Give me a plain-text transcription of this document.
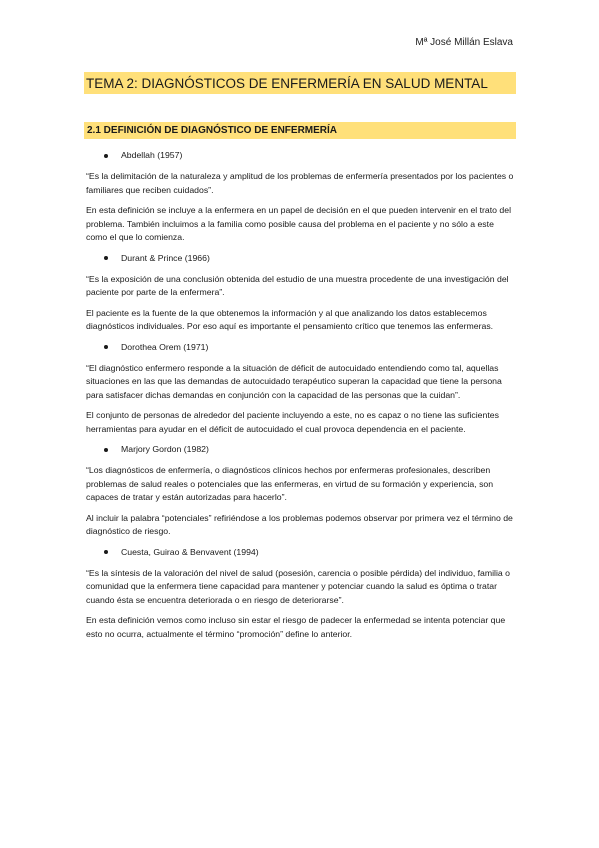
Mª José Millán Eslava
TEMA 2: DIAGNÓSTICOS DE ENFERMERÍA EN SALUD MENTAL
2.1 DEFINICIÓN DE DIAGNÓSTICO DE ENFERMERÍA
Abdellah (1957)

“Es la delimitación de la naturaleza y amplitud de los problemas de enfermería presentados por los pacientes o familiares que reciben cuidados”.

En esta definición se incluye a la enfermera en un papel de decisión en el que pueden intervenir en el trato del problema. También incluimos a la familia como posible causa del problema en el paciente y no sólo a este como el que lo comienza.

Durant & Prince (1966)

“Es la exposición de una conclusión obtenida del estudio de una muestra procedente de una investigación del paciente por parte de la enfermera”.

El paciente es la fuente de la que obtenemos la información y al que analizando los datos establecemos diagnósticos individuales. Por eso aquí es importante el pensamiento crítico que tenemos las enfermeras.

Dorothea Orem (1971)

“El diagnóstico enfermero responde a la situación de déficit de autocuidado entendiendo como tal, aquellas situaciones en las que las demandas de autocuidado terapéutico superan la capacidad que tiene la persona para satisfacer dichas demandas en conjunción con la capacidad de las personas que la cuidan”.

El conjunto de personas de alrededor del paciente incluyendo a este, no es capaz o no tiene las suficientes herramientas para ayudar en el déficit de autocuidado el cual provoca dependencia en el paciente.

Marjory Gordon (1982)

“Los diagnósticos de enfermería, o diagnósticos clínicos hechos por enfermeras profesionales, describen problemas de salud reales o potenciales que las enfermeras, en virtud de su formación y experiencia, son capaces de tratar y están autorizadas para hacerlo”.

Al incluir la palabra “potenciales” refiriéndose a los problemas podemos observar por primera vez el término de diagnóstico de riesgo.

Cuesta, Guirao & Benvavent (1994)

“Es la síntesis de la valoración del nivel de salud (posesión, carencia o posible pérdida) del individuo, familia o comunidad que la enfermera tiene capacidad para mantener y potenciar cuando la salud es óptima o tratar cuando ésta se encuentra deteriorada o en riesgo de deteriorarse”.

En esta definición vemos como incluso sin estar el riesgo de padecer la enfermedad se intenta potenciar que esto no ocurra, actualmente el término “promoción” define lo anterior.
